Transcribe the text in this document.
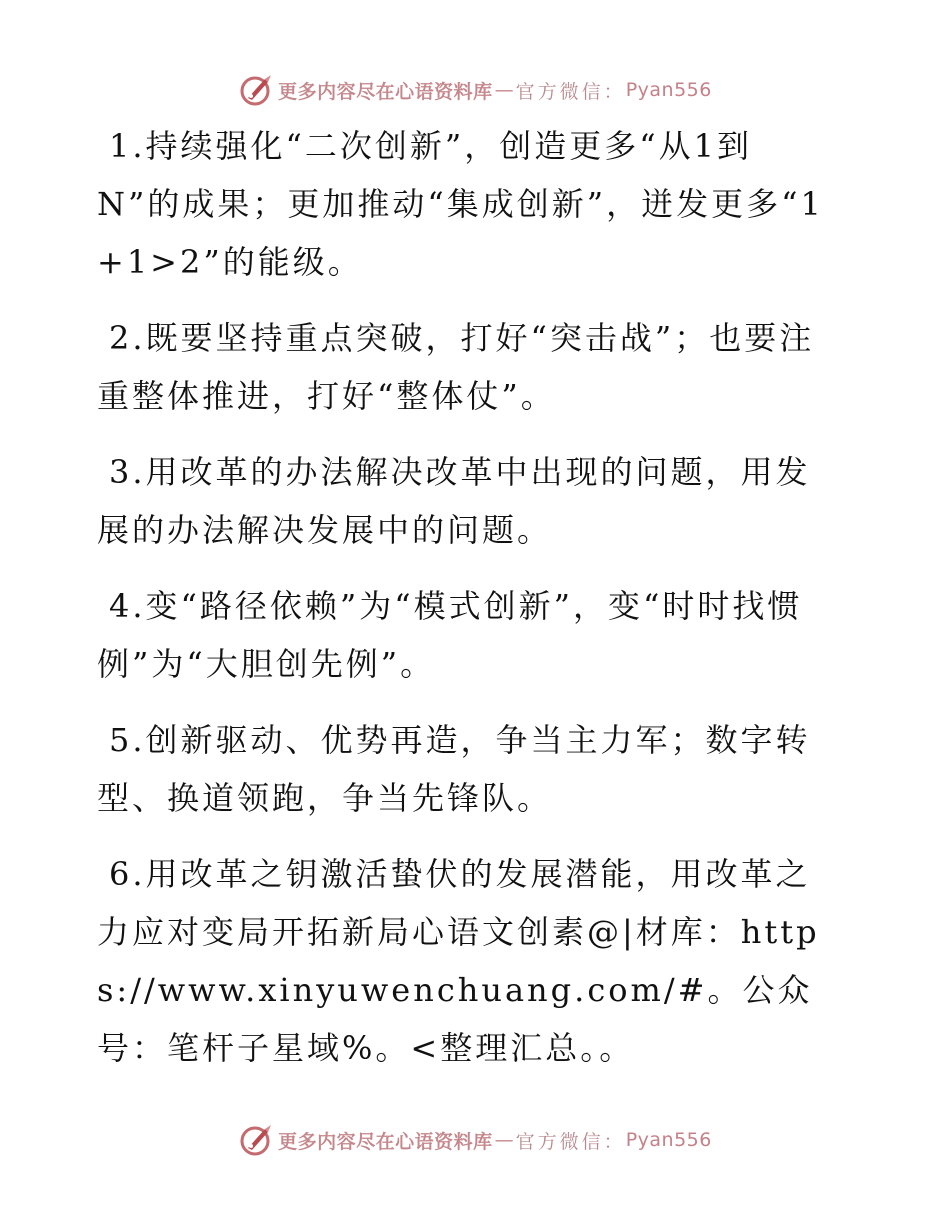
更多内容尽在心语资料库 — 官方微信： Pyan556

1.持续强化“二次创新”，创造更多“从1到N”的成果；更加推动“集成创新”，迸发更多“1+1>2”的能级。

2.既要坚持重点突破，打好“突击战”；也要注重整体推进，打好“整体仗”。

3.用改革的办法解决改革中出现的问题，用发展的办法解决发展中的问题。

4.变“路径依赖”为“模式创新”，变“时时找惯例”为“大胆创先例”。

5.创新驱动、优势再造，争当主力军；数字转型、换道领跑，争当先锋队。

6.用改革之钥激活蛰伏的发展潜能，用改革之力应对变局开拓新局心语文创素@|材库：https://www.xinyuwenchuang.com/#。公众号：笔杆子星域%。<整理汇总。。

更多内容尽在心语资料库 — 官方微信： Pyan556
